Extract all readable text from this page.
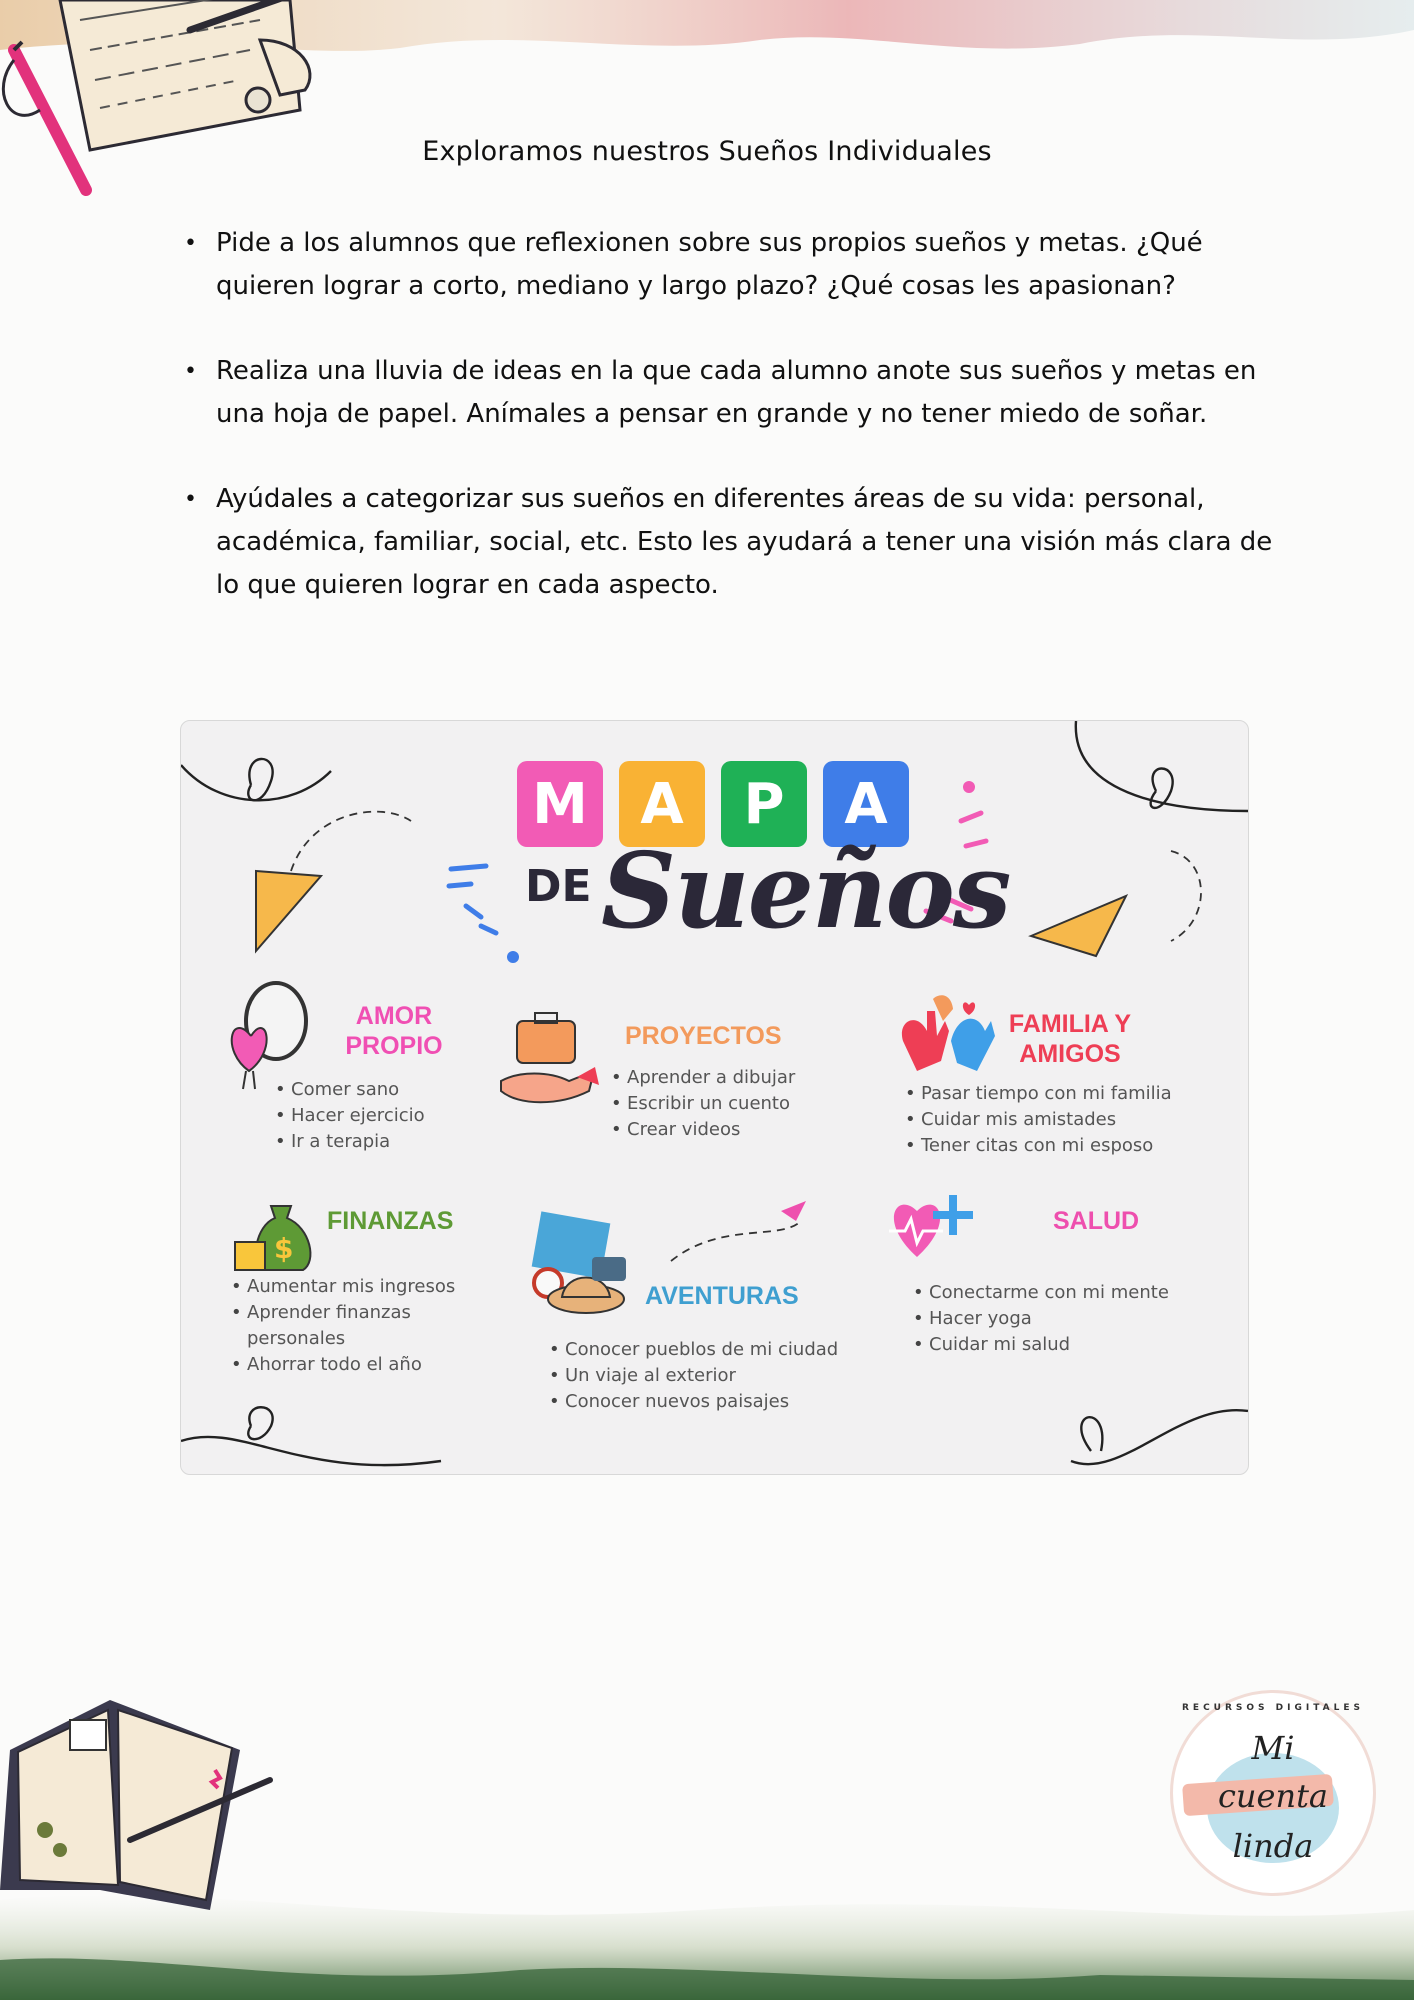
Exploramos nuestros Sueños Individuales
• Pide a los alumnos que reflexionen sobre sus propios sueños y metas. ¿Qué quieren lograr a corto, mediano y largo plazo? ¿Qué cosas les apasionan?
• Realiza una lluvia de ideas en la que cada alumno anote sus sueños y metas en una hoja de papel. Anímales a pensar en grande y no tener miedo de soñar.
• Ayúdales a categorizar sus sueños en diferentes áreas de su vida: personal, académica, familiar, social, etc. Esto les ayudará a tener una visión más clara de lo que quieren lograr en cada aspecto.
M A	P	A
DE Sueños
$
AMOR PROPIO
• Comer sano
• Hacer ejercicio
• Ir a terapia
PROYECTOS
• Aprender a dibujar
• Escribir un cuento
• Crear videos
FAMILIA Y AMIGOS
• Pasar tiempo con mi familia
• Cuidar mis amistades
• Tener citas con mi esposo
FINANZAS
• Aumentar mis ingresos
• Aprender finanzas personales
• Ahorrar todo el año
AVENTURAS
• Conocer pueblos de mi ciudad
• Un viaje al exterior
• Conocer nuevos paisajes
SALUD
• Conectarme con mi mente
• Hacer yoga
• Cuidar mi salud
RECURSOS DIGITALES
Mi
cuenta
linda
